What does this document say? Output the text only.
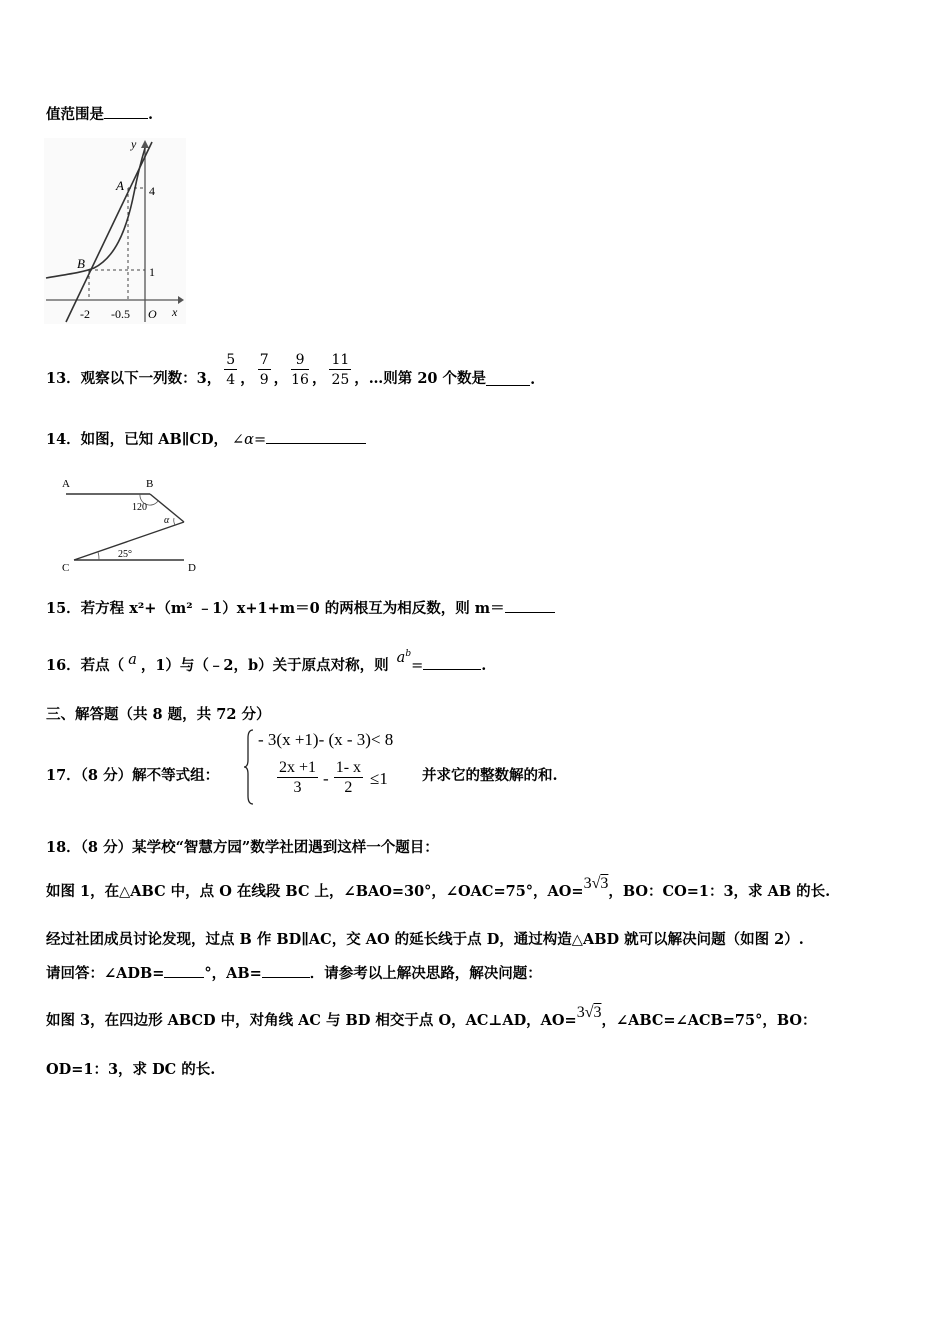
值范围是	.
y
x
A
B
O
4
1
-2 -0.5
13．观察以下一列数：3， $\frac{5}{4}$ ， $\frac{7}{9}$ ， $\frac{9}{16}$ ， $\frac{11}{25}$ ，…则第 20 个数是	.
14．如图，已知 AB∥CD， ∠α=
A	B
C	D
120
α
25°
15．若方程 x²+（m² ﹣1）x+1+m＝0 的两根互为相反数，则 m＝
16．若点（ a ，1）与（﹣2，b）关于原点对称，则 $a^b=$	.
三、解答题（共 8 题，共 72 分）
17．（8 分）解不等式组：
- 3(x +1)- (x - 3)< 8
$\frac{2x +1}{3} - \frac{1- x}{2} \le 1$ 并求它的整数解的和.
18．（8 分）某学校“智慧方园”数学社团遇到这样一个题目：
如图 1，在△ABC 中，点 O 在线段 BC 上，∠BAO=30°，∠OAC=75°，AO=3√3，BO：CO=1：3，求 AB 的长.
经过社团成员讨论发现，过点 B 作 BD∥AC，交 AO 的延长线于点 D，通过构造△ABD 就可以解决问题（如图 2）.
请回答：∠ADB=	°，AB=	．请参考以上解决思路，解决问题：
如图 3，在四边形 ABCD 中，对角线 AC 与 BD 相交于点 O，AC⊥AD，AO=3√3，∠ABC=∠ACB=75°，BO：
OD=1：3，求 DC 的长.
